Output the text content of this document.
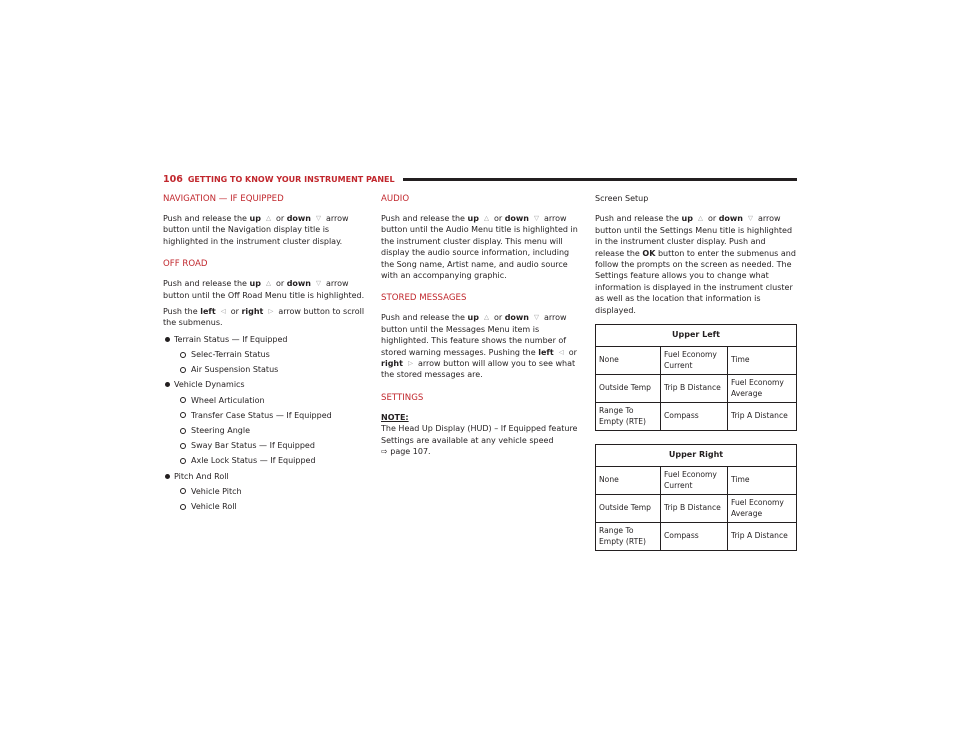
106 GETTING TO KNOW YOUR INSTRUMENT PANEL
NAVIGATION — IF EQUIPPED

Push and release the up △ or down ▽ arrow button until the Navigation display title is highlighted in the instrument cluster display.

OFF ROAD

Push and release the up △ or down ▽ arrow button until the Off Road Menu title is highlighted.

Push the left ◁ or right ▷ arrow button to scroll the submenus.

Terrain Status — If Equipped
Selec-Terrain Status
Air Suspension Status
Vehicle Dynamics
Wheel Articulation
Transfer Case Status — If Equipped
Steering Angle
Sway Bar Status — If Equipped
Axle Lock Status — If Equipped
Pitch And Roll
Vehicle Pitch
Vehicle Roll
AUDIO

Push and release the up △ or down ▽ arrow button until the Audio Menu title is highlighted in the instrument cluster display. This menu will display the audio source information, including the Song name, Artist name, and audio source with an accompanying graphic.

STORED MESSAGES

Push and release the up △ or down ▽ arrow button until the Messages Menu item is highlighted. This feature shows the number of stored warning messages. Pushing the left ◁ or right ▷ arrow button will allow you to see what the stored messages are.

SETTINGS
NOTE:

The Head Up Display (HUD) – If Equipped feature Settings are available at any vehicle speed
⇨ page 107.

Screen Setup

Push and release the up △ or down ▽ arrow button until the Settings Menu title is highlighted in the instrument cluster display. Push and release the OK button to enter the submenus and follow the prompts on the screen as needed. The Settings feature allows you to change what information is displayed in the instrument cluster as well as the location that information is displayed.

Upper Left		
None	Fuel Economy Current	Time
Outside Temp	Trip B Distance	Fuel Economy Average
Range To Empty (RTE)	Compass	Trip A Distance
Upper Right		
None	Fuel Economy Current	Time
Outside Temp	Trip B Distance	Fuel Economy Average
Range To Empty (RTE)	Compass	Trip A Distance
